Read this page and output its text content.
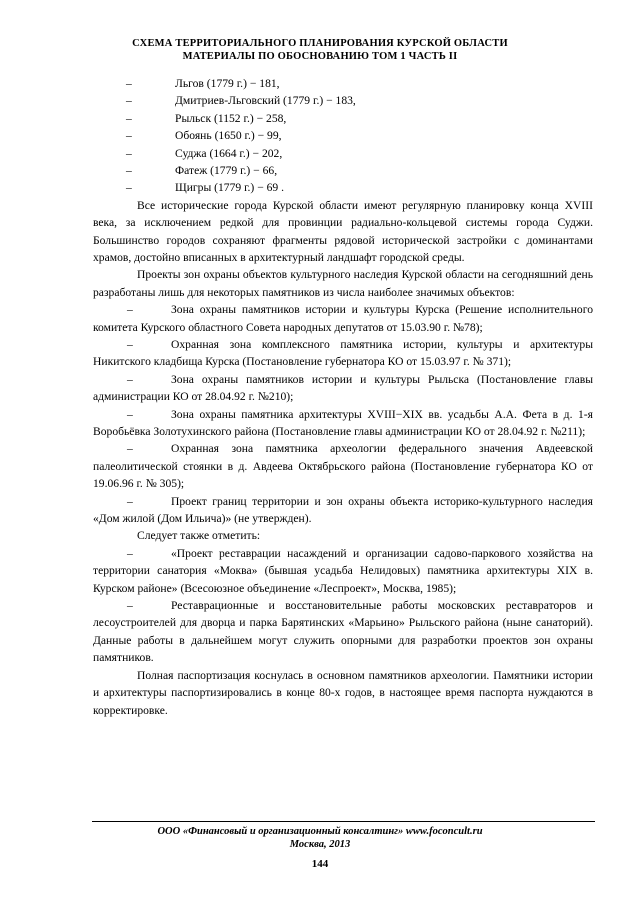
СХЕМА ТЕРРИТОРИАЛЬНОГО ПЛАНИРОВАНИЯ КУРСКОЙ ОБЛАСТИ
МАТЕРИАЛЫ ПО ОБОСНОВАНИЮ ТОМ 1 ЧАСТЬ II
–	Льгов (1779 г.) − 181,
–	Дмитриев-Льговский (1779 г.) − 183,
–	Рыльск (1152 г.) − 258,
–	Обоянь (1650 г.) − 99,
–	Суджа (1664 г.) − 202,
–	Фатеж (1779 г.) − 66,
–	Щигры (1779 г.) − 69 .

Все исторические города Курской области имеют регулярную планировку конца XVIII века, за исключением редкой для провинции радиально-кольцевой системы города Суджи. Большинство городов сохраняют фрагменты рядовой исторической застройки с доминантами храмов, достойно вписанных в архитектурный ландшафт городской среды.

Проекты зон охраны объектов культурного наследия Курской области на сегодняшний день разработаны лишь для некоторых памятников из числа наиболее значимых объектов:

–	Зона охраны памятников истории и культуры Курска (Решение исполнительного комитета Курского областного Совета народных депутатов от 15.03.90 г. №78);
–	Охранная зона комплексного памятника истории, культуры и архитектуры Никитского кладбища Курска (Постановление губернатора КО от 15.03.97 г. № 371);
–	Зона охраны памятников истории и культуры Рыльска (Постановление главы администрации КО от 28.04.92 г. №210);
–	Зона охраны памятника архитектуры XVIII−XIX вв. усадьбы А.А. Фета в д. 1-я Воробьёвка Золотухинского района (Постановление главы администрации КО от 28.04.92 г. №211);
–	Охранная зона памятника археологии федерального значения Авдеевской палеолитической стоянки в д. Авдеева Октябрьского района (Постановление губернатора КО от 19.06.96 г. № 305);
–	Проект границ территории и зон охраны объекта историко-культурного наследия «Дом жилой (Дом Ильича)» (не утвержден).

Следует также отметить:

–	«Проект реставрации насаждений и организации садово-паркового хозяйства на территории санатория «Моква» (бывшая усадьба Нелидовых) памятника архитектуры XIX в. Курском районе» (Всесоюзное объединение «Леспроект», Москва, 1985);
–	Реставрационные и восстановительные работы московских реставраторов и лесоустроителей для дворца и парка Барятинских «Марьино» Рыльского района (ныне санаторий). Данные работы в дальнейшем могут служить опорными для разработки проектов зон охраны памятников.

Полная паспортизация коснулась в основном памятников археологии. Памятники истории и архитектуры паспортизировались в конце 80-х годов, в настоящее время паспорта нуждаются в корректировке.

ООО «Финансовый и организационный консалтинг» www.foconcult.ru
Москва, 2013
144
